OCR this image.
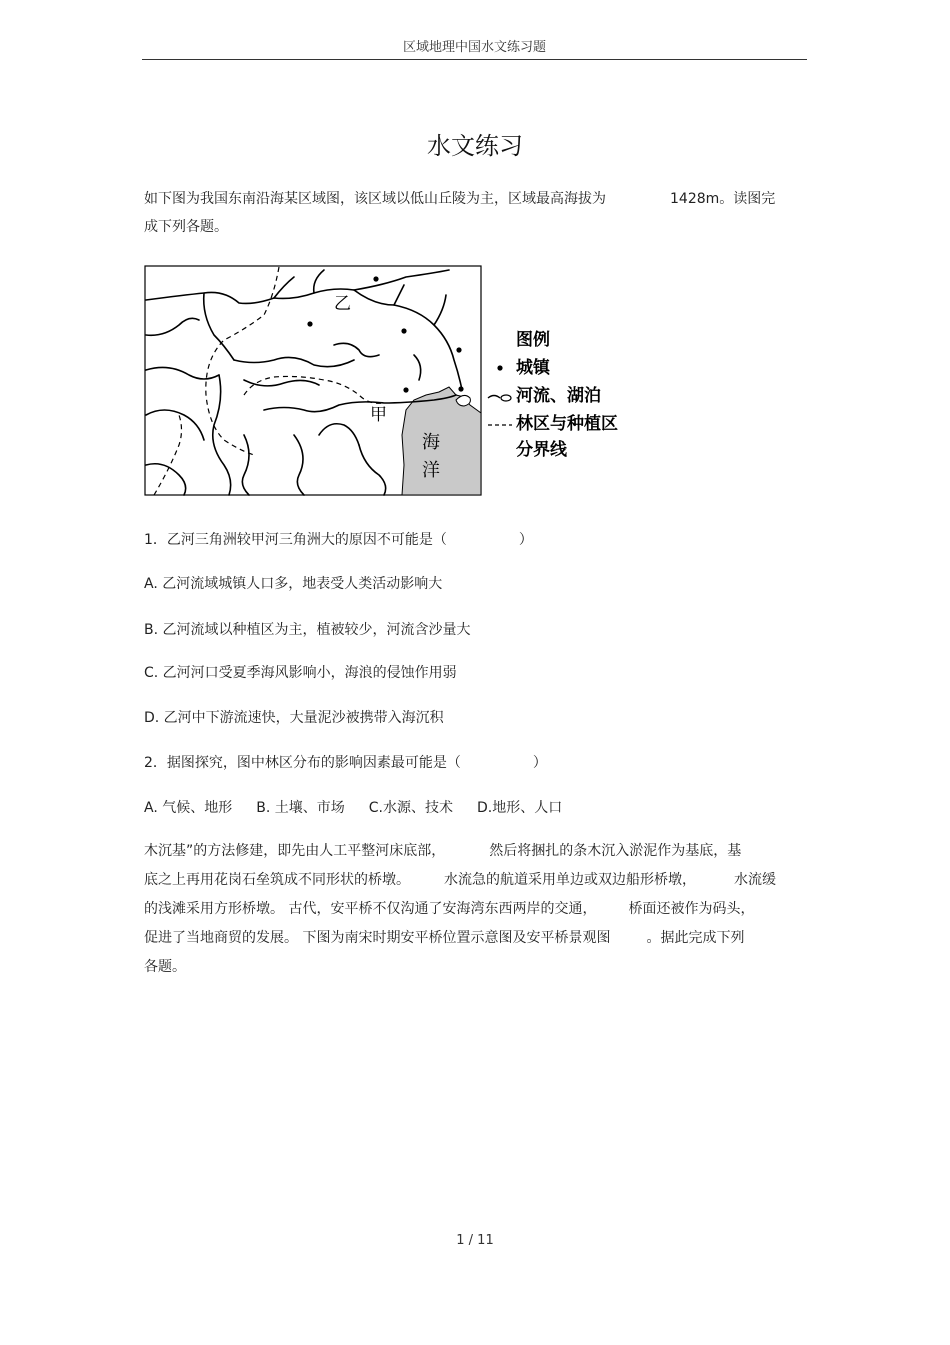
区域地理中国水文练习题
水文练习
如下图为我国东南沿海某区域图，该区域以低山丘陵为主，区域最高海拔为	1428m。读图完
成下列各题。
乙
甲
海
洋
图例
城镇
河流、湖泊
林区与种植区
分界线
1．乙河三角洲较甲河三角洲大的原因不可能是（	）
A. 乙河流域城镇人口多，地表受人类活动影响大
B. 乙河流域以种植区为主，植被较少，河流含沙量大
C. 乙河河口受夏季海风影响小，海浪的侵蚀作用弱
D. 乙河中下游流速快，大量泥沙被携带入海沉积
2．据图探究，图中林区分布的影响因素最可能是（	）
A. 气候、地形 B. 土壤、市场 C.水源、技术 D.地形、人口
木沉基”的方法修建，即先由人工平整河床底部，	然后将捆扎的条木沉入淤泥作为基底，基
底之上再用花岗石垒筑成不同形状的桥墩。 水流急的航道采用单边或双边船形桥墩，	水流缓
的浅滩采用方形桥墩。 古代，安平桥不仅沟通了安海湾东西两岸的交通， 桥面还被作为码头，
促进了当地商贸的发展。 下图为南宋时期安平桥位置示意图及安平桥景观图	。据此完成下列
各题。
1 / 11
